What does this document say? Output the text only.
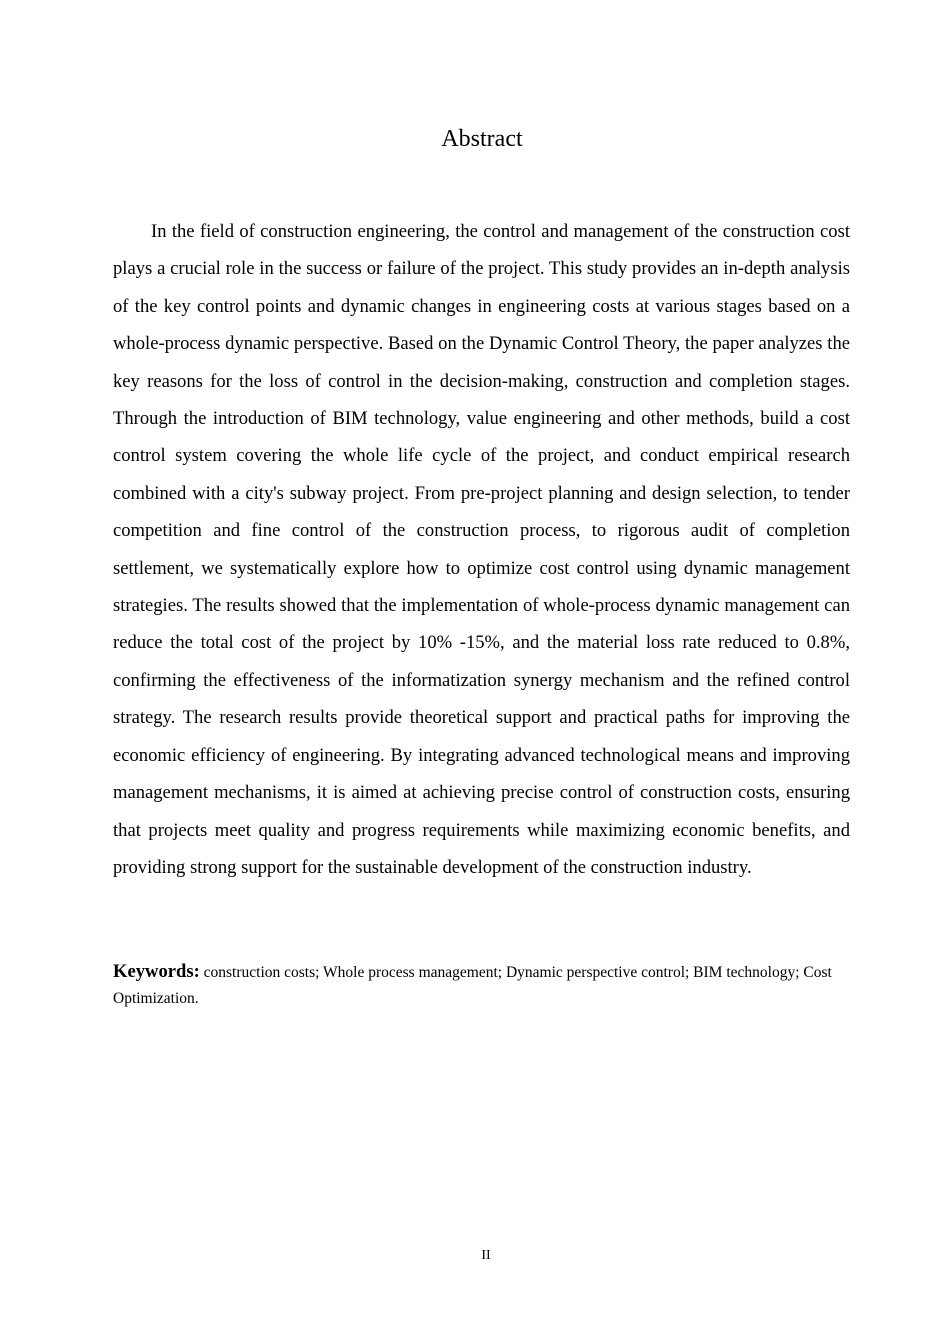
Abstract

In the field of construction engineering, the control and management of the construction cost plays a crucial role in the success or failure of the project. This study provides an in-depth analysis of the key control points and dynamic changes in engineering costs at various stages based on a whole-process dynamic perspective. Based on the Dynamic Control Theory, the paper analyzes the key reasons for the loss of control in the decision-making, construction and completion stages. Through the introduction of BIM technology, value engineering and other methods, build a cost control system covering the whole life cycle of the project, and conduct empirical research combined with a city's subway project. From pre-project planning and design selection, to tender competition and fine control of the construction process, to rigorous audit of completion settlement, we systematically explore how to optimize cost control using dynamic management strategies. The results showed that the implementation of whole-process dynamic management can reduce the total cost of the project by 10% -15%, and the material loss rate reduced to 0.8%, confirming the effectiveness of the informatization synergy mechanism and the refined control strategy. The research results provide theoretical support and practical paths for improving the economic efficiency of engineering. By integrating advanced technological means and improving management mechanisms, it is aimed at achieving precise control of construction costs, ensuring that projects meet quality and progress requirements while maximizing economic benefits, and providing strong support for the sustainable development of the construction industry.

Keywords: construction costs; Whole process management; Dynamic perspective control; BIM technology; Cost Optimization.

II
